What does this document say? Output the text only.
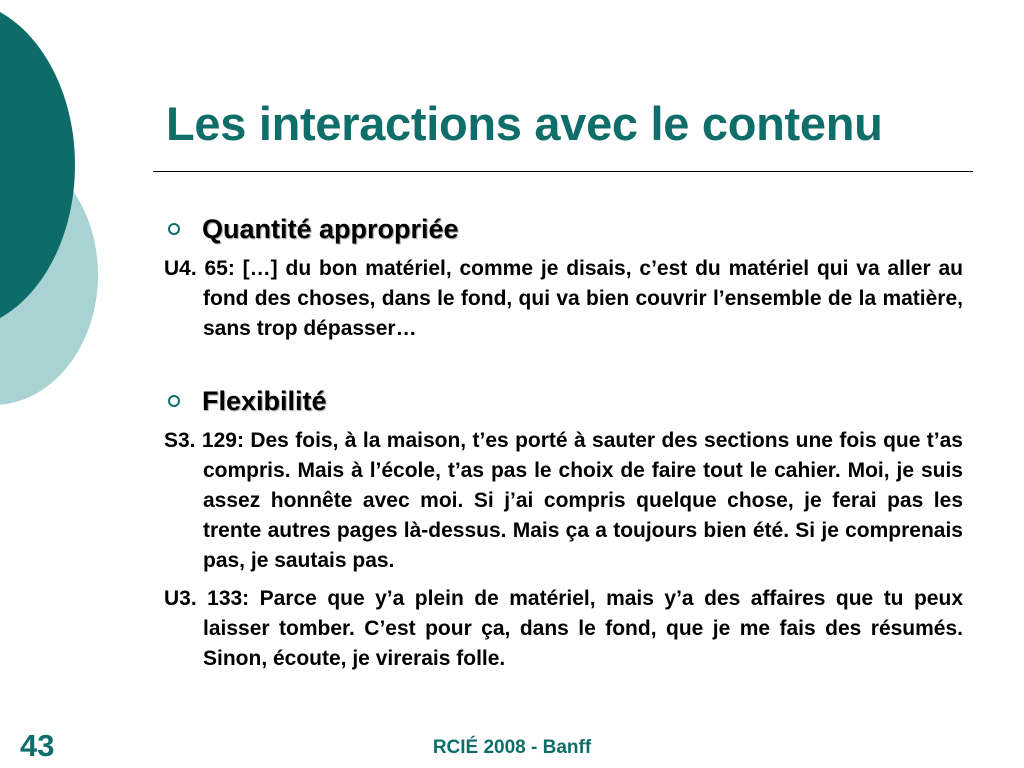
Les interactions avec le contenu
Quantité appropriée

U4. 65: […] du bon matériel, comme je disais, c’est du matériel qui va aller au fond des choses, dans le fond, qui va bien couvrir l’ensemble de la matière, sans trop dépasser…

Flexibilité

S3. 129: Des fois, à la maison, t’es porté à sauter des sections une fois que t’as compris. Mais à l’école, t’as pas le choix de faire tout le cahier. Moi, je suis assez honnête avec moi. Si j’ai compris quelque chose, je ferai pas les trente autres pages là-dessus. Mais ça a toujours bien été. Si je comprenais pas, je sautais pas.

U3. 133: Parce que y’a plein de matériel, mais y’a des affaires que tu peux laisser tomber. C’est pour ça, dans le fond, que je me fais des résumés. Sinon, écoute, je virerais folle.

43	RCIÉ 2008 - Banff
